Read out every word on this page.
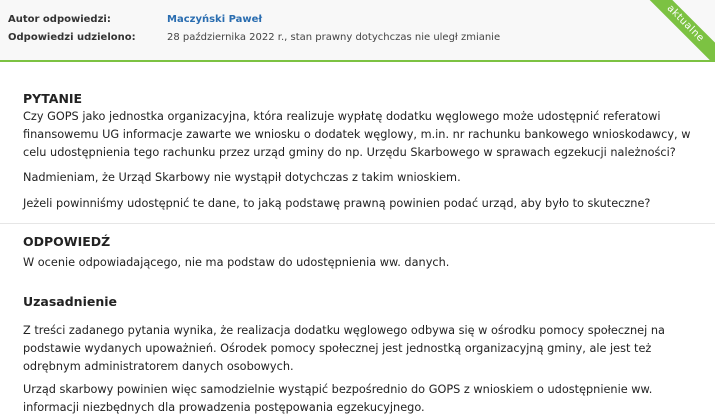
Autor odpowiedzi:	Maczyński Paweł
Odpowiedzi udzielono:	28 października 2022 r., stan prawny dotychczas nie uległ zmianie	aktualne
PYTANIE

Czy GOPS jako jednostka organizacyjna, która realizuje wypłatę dodatku węglowego może udostępnić referatowi finansowemu UG informacje zawarte we wniosku o dodatek węglowy, m.in. nr rachunku bankowego wnioskodawcy, w celu udostępnienia tego rachunku przez urząd gminy do np. Urzędu Skarbowego w sprawach egzekucji należności?

Nadmieniam, że Urząd Skarbowy nie wystąpił dotychczas z takim wnioskiem.

Jeżeli powinniśmy udostępnić te dane, to jaką podstawę prawną powinien podać urząd, aby było to skuteczne?

ODPOWIEDŹ

W ocenie odpowiadającego, nie ma podstaw do udostępnienia ww. danych.

Uzasadnienie

Z treści zadanego pytania wynika, że realizacja dodatku węglowego odbywa się w ośrodku pomocy społecznej na podstawie wydanych upoważnień. Ośrodek pomocy społecznej jest jednostką organizacyjną gminy, ale jest też odrębnym administratorem danych osobowych.

Urząd skarbowy powinien więc samodzielnie wystąpić bezpośrednio do GOPS z wnioskiem o udostępnienie ww. informacji niezbędnych dla prowadzenia postępowania egzekucyjnego.
